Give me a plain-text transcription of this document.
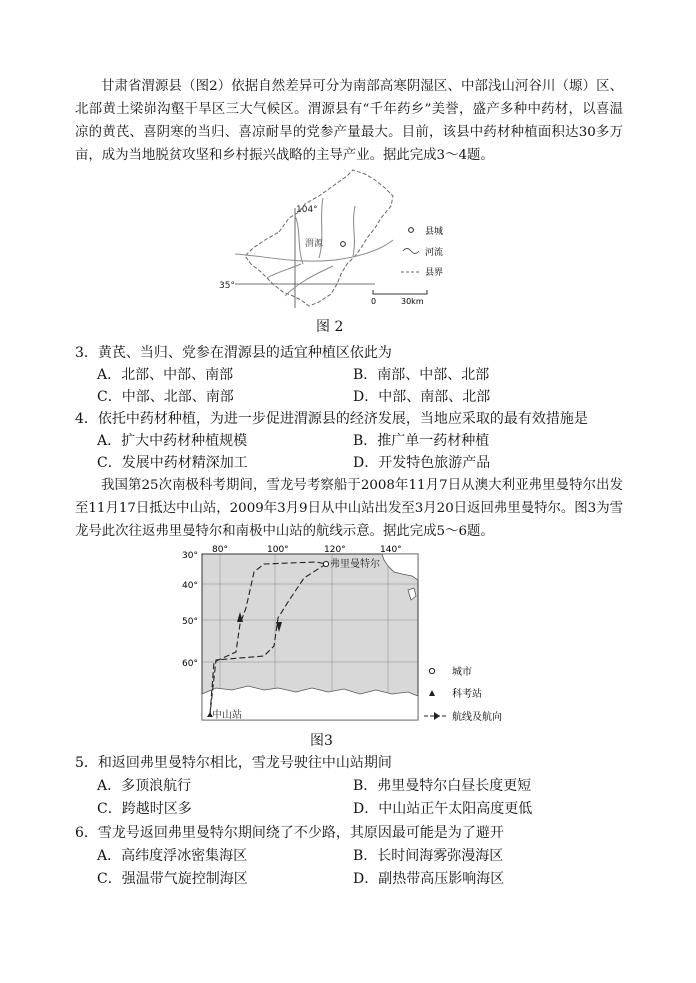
甘肃省渭源县（图2）依据自然差异可分为南部高寒阴湿区、中部浅山河谷川（塬）区、北部黄土梁峁沟壑干旱区三大气候区。渭源县有“千年药乡”美誉，盛产多种中药材，以喜温凉的黄芪、喜阴寒的当归、喜凉耐旱的党参产量最大。目前，该县中药材种植面积达30多万亩，成为当地脱贫攻坚和乡村振兴战略的主导产业。据此完成3～4题。
104°
35°
渭源
县城
河流
县界
0	30km
图 2
3．黄芪、当归、党参在渭源县的适宜种植区依此为
A．北部、中部、南部	B．南部、中部、北部
C．中部、北部、南部	D．中部、南部、北部
4．依托中药材种植，为进一步促进渭源县的经济发展，当地应采取的最有效措施是
A．扩大中药材种植规模	B．推广单一药材种植
C．发展中药材精深加工	D．开发特色旅游产品
我国第25次南极科考期间，雪龙号考察船于2008年11月7日从澳大利亚弗里曼特尔出发至11月17日抵达中山站，2009年3月9日从中山站出发至3月20日返回弗里曼特尔。图3为雪龙号此次往返弗里曼特尔和南极中山站的航线示意。据此完成5～6题。
弗里曼特尔
中山站
80°	100°	120°	140°
30°
40°
50°
60°
城市
科考站
航线及航向
图3
5．和返回弗里曼特尔相比，雪龙号驶往中山站期间
A．多顶浪航行	B．弗里曼特尔白昼长度更短
C．跨越时区多	D．中山站正午太阳高度更低
6．雪龙号返回弗里曼特尔期间绕了不少路，其原因最可能是为了避开
A．高纬度浮冰密集海区	B．长时间海雾弥漫海区
C．强温带气旋控制海区	D．副热带高压影响海区
